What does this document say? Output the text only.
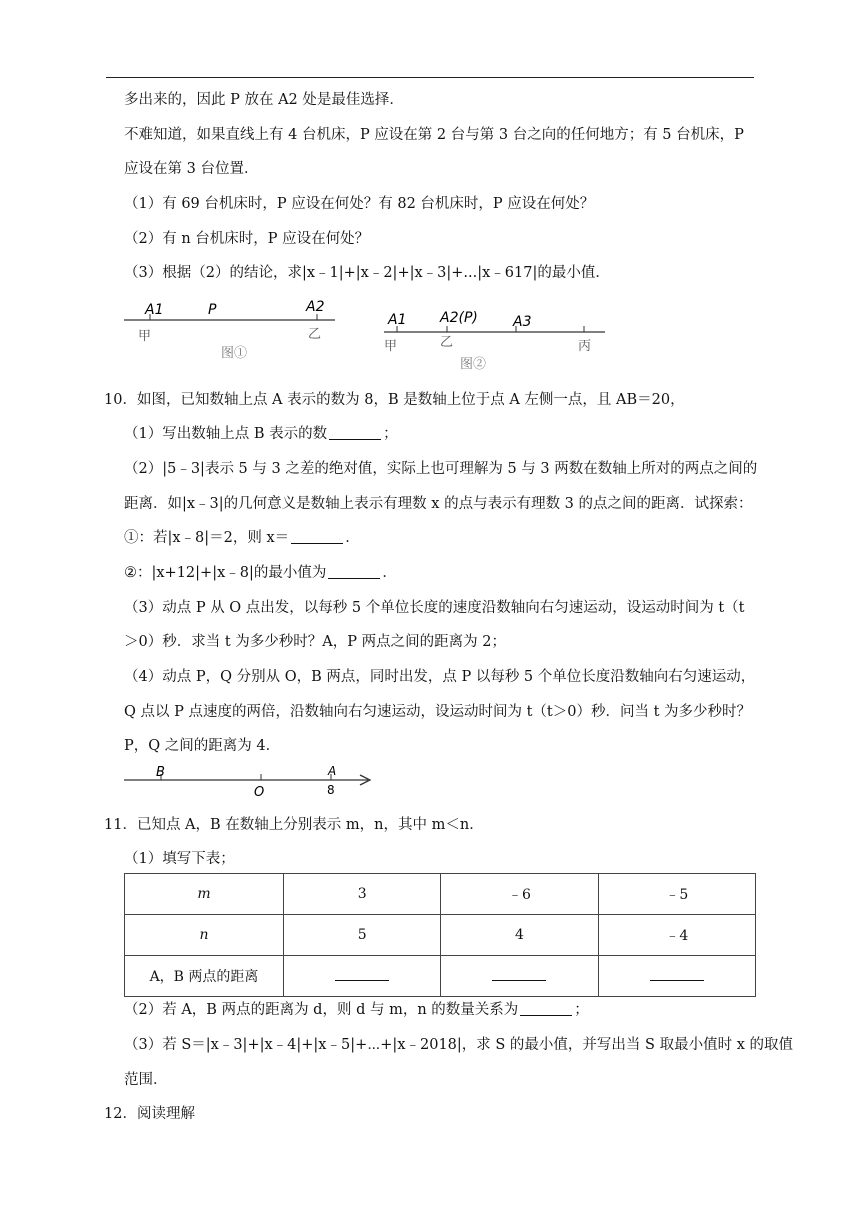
多出来的，因此 P 放在 A2 处是最佳选择．
不难知道，如果直线上有 4 台机床，P 应设在第 2 台与第 3 台之向的任何地方；有 5 台机床，P
应设在第 3 台位置．
（1）有 69 台机床时，P 应设在何处？有 82 台机床时，P 应设在何处？
（2）有 n 台机床时，P 应设在何处？
（3）根据（2）的结论，求|x﹣1|+|x﹣2|+|x﹣3|+...|x﹣617|的最小值．
A1	P	A2
甲	乙
图①
A1 A2(P)	A3
甲	乙	丙
图②
10．如图，已知数轴上点 A 表示的数为 8，B 是数轴上位于点 A 左侧一点，且 AB＝20，
（1）写出数轴上点 B 表示的数	；
（2）|5﹣3|表示 5 与 3 之差的绝对值，实际上也可理解为 5 与 3 两数在数轴上所对的两点之间的
距离．如|x﹣3|的几何意义是数轴上表示有理数 x 的点与表示有理数 3 的点之间的距离．试探索：
①：若|x﹣8|＝2，则 x＝	．
②：|x+12|+|x﹣8|的最小值为	．
（3）动点 P 从 O 点出发，以每秒 5 个单位长度的速度沿数轴向右匀速运动，设运动时间为 t（t
＞0）秒．求当 t 为多少秒时？A，P 两点之间的距离为 2；
（4）动点 P，Q 分别从 O，B 两点，同时出发，点 P 以每秒 5 个单位长度沿数轴向右匀速运动，
Q 点以 P 点速度的两倍，沿数轴向右匀速运动，设运动时间为 t（t＞0）秒．问当 t 为多少秒时？
P，Q 之间的距离为 4．
B
O
A
8
11．已知点 A，B 在数轴上分别表示 m，n，其中 m＜n．
（1）填写下表；
m	3	﹣6	﹣5
n	5	4	﹣4
A，B 两点的距离			
（2）若 A，B 两点的距离为 d，则 d 与 m，n 的数量关系为	；
（3）若 S＝|x﹣3|+|x﹣4|+|x﹣5|+⋯+|x﹣2018|，求 S 的最小值，并写出当 S 取最小值时 x 的取值
范围．
12．阅读理解
